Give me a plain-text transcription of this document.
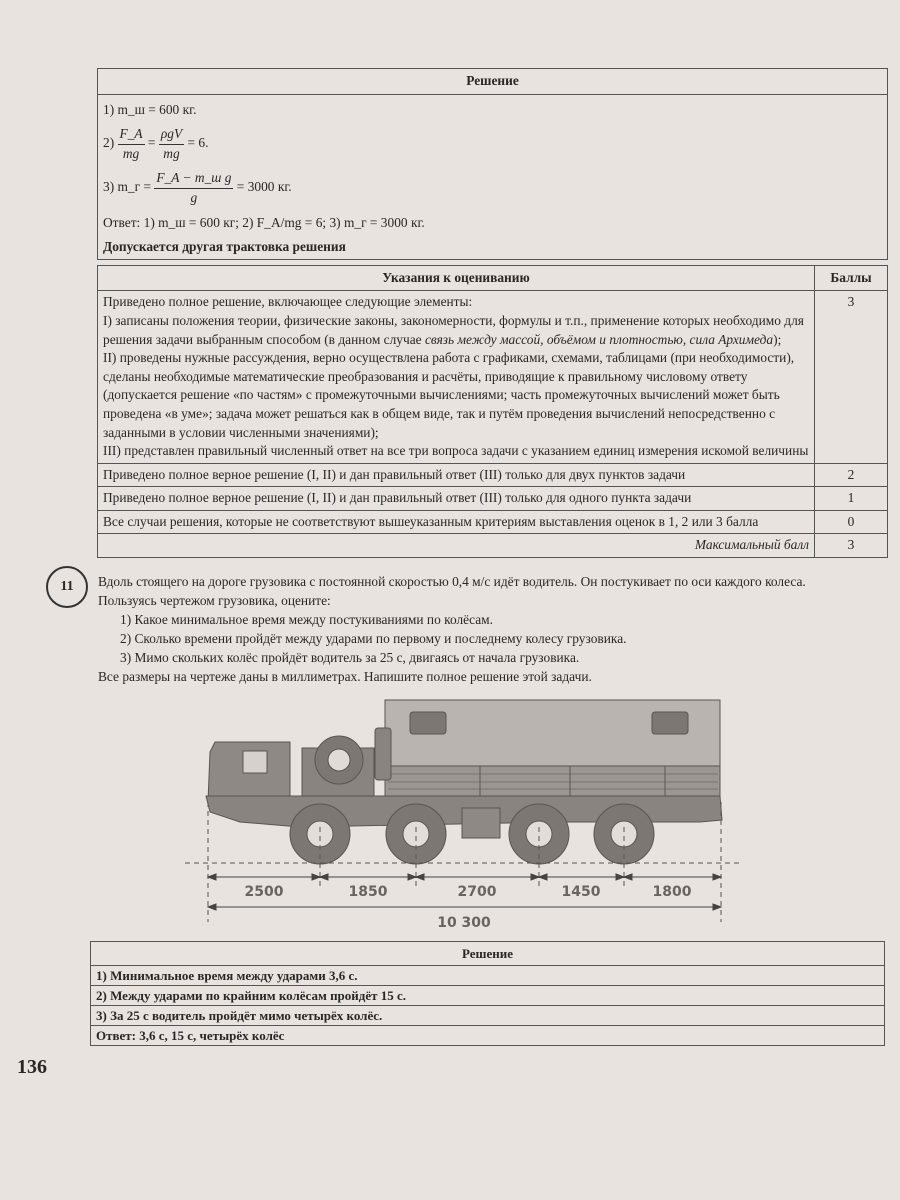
Решение

1) m_ш = 600 кг.
$2) \frac{F\_A}{mg} = \frac{\text{ρgV}}{mg} = 6$.
3) m_г = $\frac{\text{F\_A − m\_ш g}}{g} = 3000$ кг.
Ответ: 1) m_ш = 600 кг; 2) F_A/mg = 6; 3) m_г = 3000 кг.
Допускается другая трактовка решения
Указания к оцениванию	Баллы

Приведено полное решение, включающее следующие элементы:
I) записаны положения теории, физические законы, закономерности, формулы и т.п., применение которых необходимо для решения задачи выбранным способом (в данном случае связь между массой, объёмом и плотностью, сила Архимеда);
II) проведены нужные рассуждения, верно осуществлена работа с графиками, схемами, таблицами (при необходимости), сделаны необходимые математические преобразования и расчёты, приводящие к правильному числовому ответу (допускается решение «по частям» с промежуточными вычислениями; часть промежуточных вычислений может быть проведена «в уме»; задача может решаться как в общем виде, так и путём проведения вычислений непосредственно с заданными в условии численными значениями);
III) представлен правильный численный ответ на все три вопроса задачи с указанием единиц измерения искомой величины	3
Приведено полное верное решение (I, II) и дан правильный ответ (III) только для двух пунктов задачи	2
Приведено полное верное решение (I, II) и дан правильный ответ (III) только для одного пункта задачи	1
Все случаи решения, которые не соответствуют вышеуказанным критериям выставления оценок в 1, 2 или 3 балла	0
Максимальный балл	3
11	Вдоль стоящего на дороге грузовика с постоянной скоростью 0,4 м/с идёт водитель. Он постукивает по оси каждого колеса.
Пользуясь чертежом грузовика, оцените:
1) Какое минимальное время между постукиваниями по колёсам.
2) Сколько времени пройдёт между ударами по первому и последнему колесу грузовика.
3) Мимо скольких колёс пройдёт водитель за 25 с, двигаясь от начала грузовика.
Все размеры на чертеже даны в миллиметрах. Напишите полное решение этой задачи.
2500	1850	2700	1450	1800
10 300
Решение
1) Минимальное время между ударами 3,6 с.
2) Между ударами по крайним колёсам пройдёт 15 с.
3) За 25 с водитель пройдёт мимо четырёх колёс.
Ответ: 3,6 с, 15 с, четырёх колёс
136
